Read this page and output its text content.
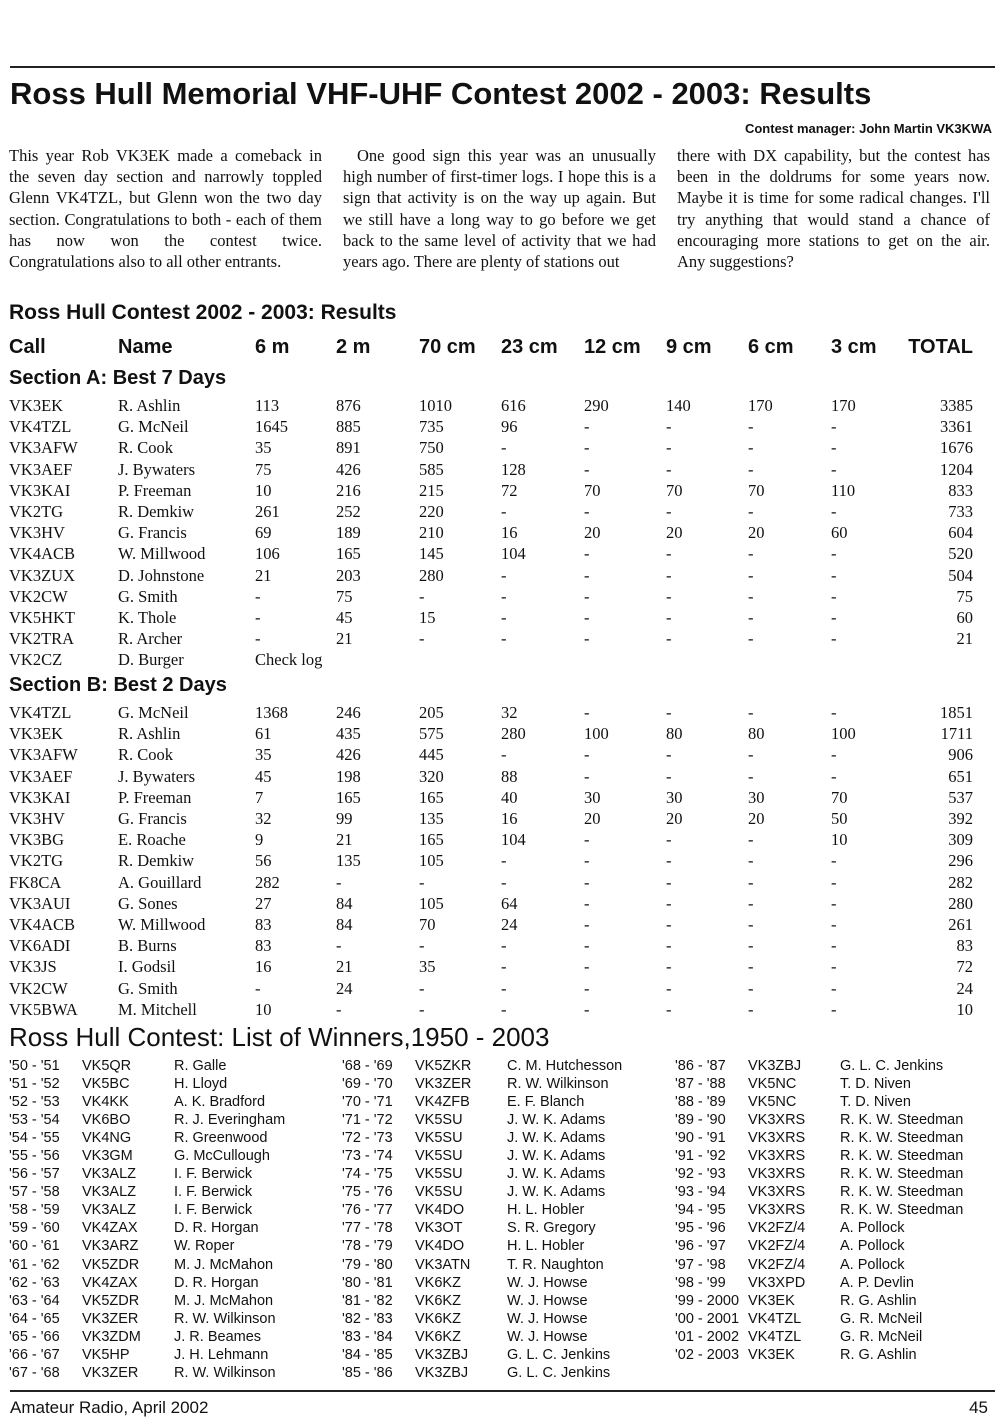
Ross Hull Memorial VHF-UHF Contest 2002 - 2003: Results
Contest manager: John Martin VK3KWA
This year Rob VK3EK made a comeback in the seven day section and narrowly toppled Glenn VK4TZL, but Glenn won the two day section. Congratulations to both - each of them has now won the contest twice. Congratulations also to all other entrants.
One good sign this year was an unusually high number of first-timer logs. I hope this is a sign that activity is on the way up again. But we still have a long way to go before we get back to the same level of activity that we had years ago. There are plenty of stations out
there with DX capability, but the contest has been in the doldrums for some years now. Maybe it is time for some radical changes. I'll try anything that would stand a chance of encouraging more stations to get on the air. Any suggestions?
Ross Hull Contest 2002 - 2003: Results
Call	Name	6 m 2 m 70 cm 23 cm 12 cm 9 cm 6 cm 3 cm	TOTAL
Section A: Best 7 Days
VK3EK	R. Ashlin	113	876	1010	616	290	140	170	170	3385
VK4TZL	G. McNeil	1645	885	735	96	-	-	-	-	3361
VK3AFW R. Cook	35	891	750	-	-	-	-	-	1676
VK3AEF	J. Bywaters	75	426	585	128	-	-	-	-	1204
VK3KAI	P. Freeman	10	216	215	72	70	70	70	110	833
VK2TG	R. Demkiw	261	252	220	-	-	-	-	-	733
VK3HV	G. Francis	69	189	210	16	20	20	20	60	604
VK4ACB	W. Millwood	106	165	145	104	-	-	-	-	520
VK3ZUX	D. Johnstone	21	203	280	-	-	-	-	-	504
VK2CW	G. Smith	-	75	-	-	-	-	-	-	75
VK5HKT	K. Thole	-	45	15	-	-	-	-	-	60
VK2TRA	R. Archer	-	21	-	-	-	-	-	-	21
VK2CZ	D. Burger	Check log
Section B: Best 2 Days
VK4TZL	G. McNeil	1368	246	205	32	-	-	-	-	1851
VK3EK	R. Ashlin	61	435	575	280	100	80	80	100	1711
VK3AFW R. Cook	35	426	445	-	-	-	-	-	906
VK3AEF	J. Bywaters	45	198	320	88	-	-	-	-	651
VK3KAI	P. Freeman	7	165	165	40	30	30	30	70	537
VK3HV	G. Francis	32	99	135	16	20	20	20	50	392
VK3BG	E. Roache	9	21	165	104	-	-	-	10	309
VK2TG	R. Demkiw	56	135	105	-	-	-	-	-	296
FK8CA	A. Gouillard	282	-	-	-	-	-	-	-	282
VK3AUI	G. Sones	27	84	105	64	-	-	-	-	280
VK4ACB	W. Millwood	83	84	70	24	-	-	-	-	261
VK6ADI	B. Burns	83	-	-	-	-	-	-	-	83
VK3JS	I. Godsil	16	21	35	-	-	-	-	-	72
VK2CW	G. Smith	-	24	-	-	-	-	-	-	24
VK5BWA M. Mitchell	10	-	-	-	-	-	-	-	10
Ross Hull Contest: List of Winners,1950 - 2003
'50 - '51 VK5QR	R. Galle
'51 - '52 VK5BC	H. Lloyd
'52 - '53 VK4KK	A. K. Bradford
'53 - '54 VK6BO	R. J. Everingham
'54 - '55 VK4NG	R. Greenwood
'55 - '56 VK3GM	G. McCullough
'56 - '57 VK3ALZ	I. F. Berwick
'57 - '58 VK3ALZ	I. F. Berwick
'58 - '59 VK3ALZ	I. F. Berwick
'59 - '60 VK4ZAX	D. R. Horgan
'60 - '61 VK3ARZ W. Roper
'61 - '62 VK5ZDR M. J. McMahon
'62 - '63 VK4ZAX	D. R. Horgan
'63 - '64 VK5ZDR M. J. McMahon
'64 - '65 VK3ZER R. W. Wilkinson
'65 - '66 VK3ZDM J. R. Beames
'66 - '67 VK5HP	J. H. Lehmann
'67 - '68 VK3ZER R. W. Wilkinson
'68 - '69 VK5ZKR C. M. Hutchesson
'69 - '70 VK3ZER R. W. Wilkinson
'70 - '71 VK4ZFB	E. F. Blanch
'71 - '72 VK5SU	J. W. K. Adams
'72 - '73 VK5SU	J. W. K. Adams
'73 - '74 VK5SU	J. W. K. Adams
'74 - '75 VK5SU	J. W. K. Adams
'75 - '76 VK5SU	J. W. K. Adams
'76 - '77 VK4DO	H. L. Hobler
'77 - '78 VK3OT	S. R. Gregory
'78 - '79 VK4DO	H. L. Hobler
'79 - '80 VK3ATN	T. R. Naughton
'80 - '81 VK6KZ	W. J. Howse
'81 - '82 VK6KZ	W. J. Howse
'82 - '83 VK6KZ	W. J. Howse
'83 - '84 VK6KZ	W. J. Howse
'84 - '85 VK3ZBJ	G. L. C. Jenkins
'85 - '86 VK3ZBJ	G. L. C. Jenkins
'86 - '87 VK3ZBJ	G. L. C. Jenkins
'87 - '88 VK5NC	T. D. Niven
'88 - '89 VK5NC	T. D. Niven
'89 - '90 VK3XRS R. K. W. Steedman
'90 - '91 VK3XRS R. K. W. Steedman
'91 - '92 VK3XRS R. K. W. Steedman
'92 - '93 VK3XRS R. K. W. Steedman
'93 - '94 VK3XRS R. K. W. Steedman
'94 - '95 VK3XRS R. K. W. Steedman
'95 - '96 VK2FZ/4 A. Pollock
'96 - '97 VK2FZ/4 A. Pollock
'97 - '98 VK2FZ/4 A. Pollock
'98 - '99 VK3XPD A. P. Devlin
'99 - 2000 VK3EK	R. G. Ashlin
'00 - 2001 VK4TZL	G. R. McNeil
'01 - 2002 VK4TZL	G. R. McNeil
'02 - 2003 VK3EK	R. G. Ashlin
Amateur Radio, April 2002	45
